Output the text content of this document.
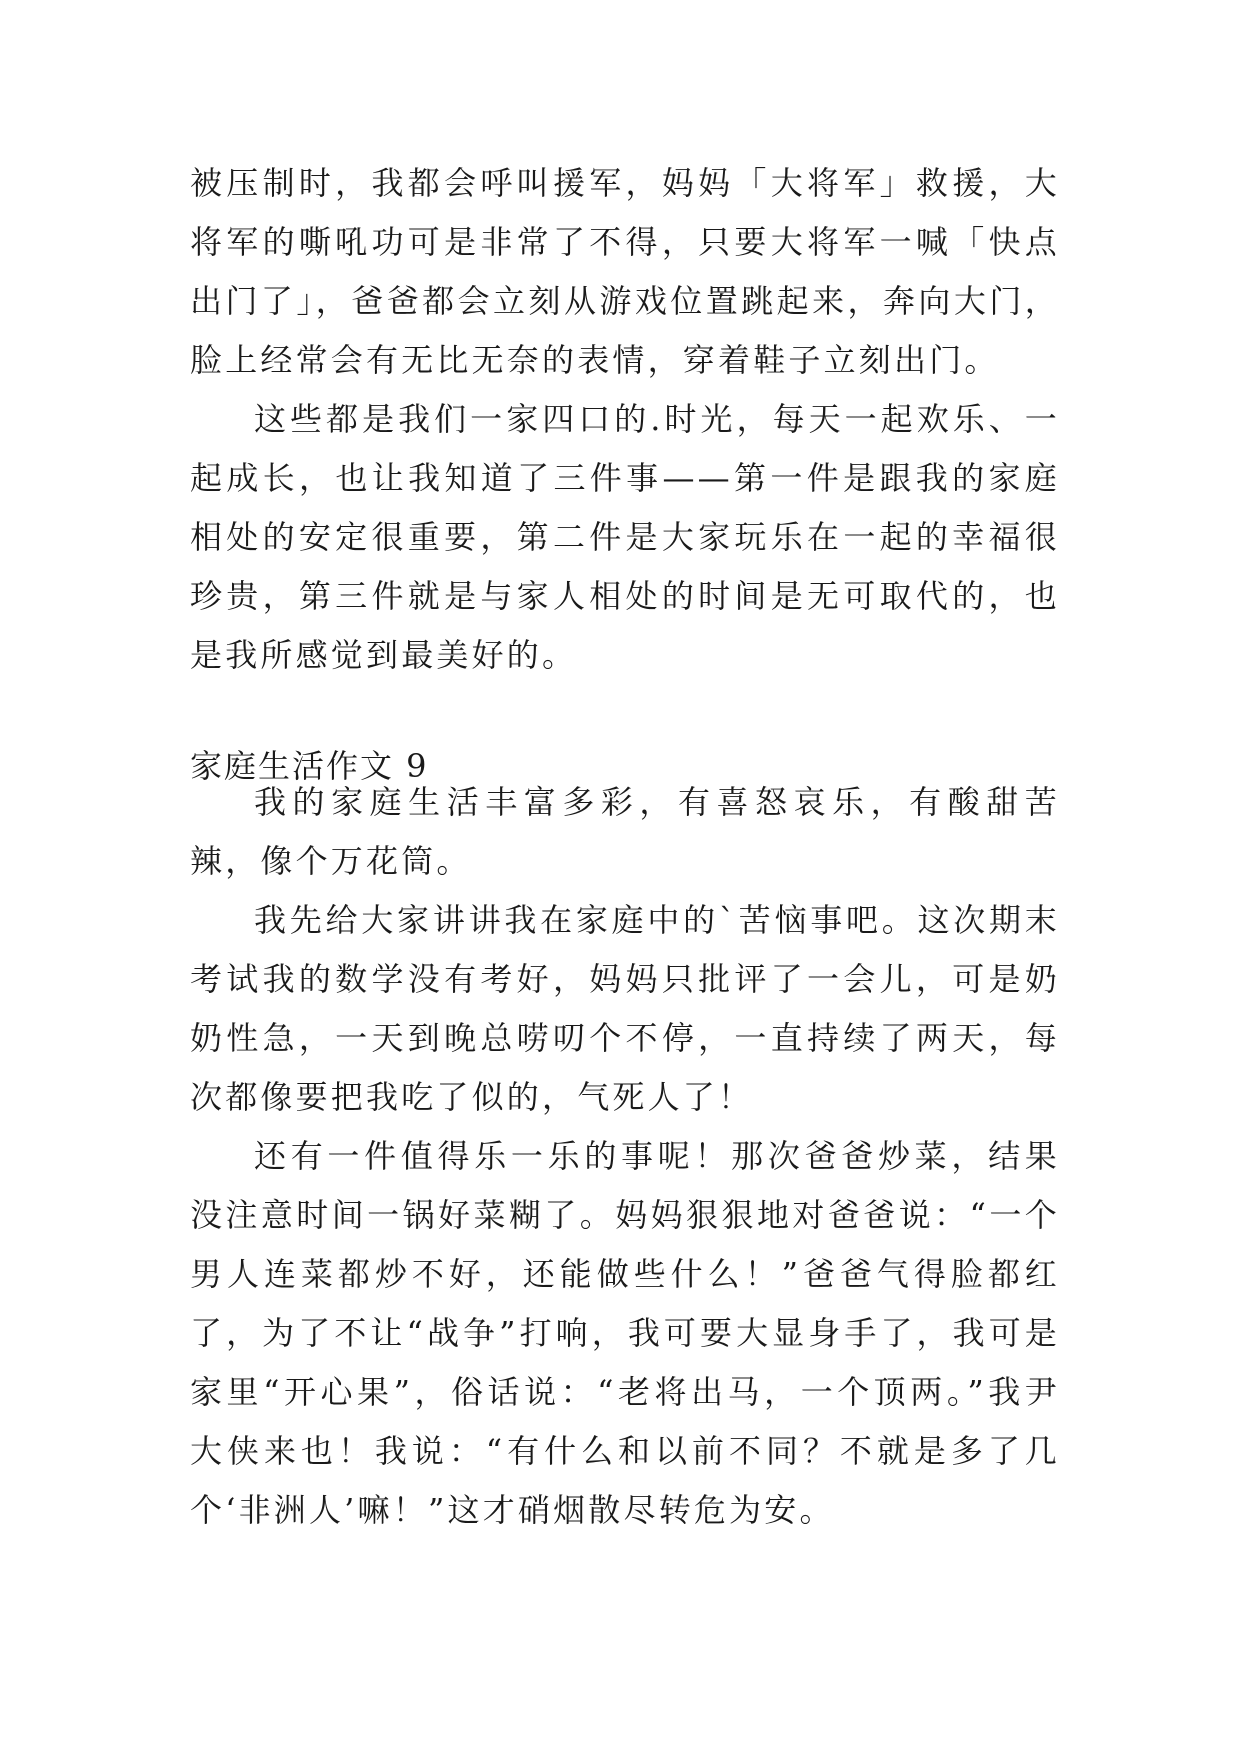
被压制时，我都会呼叫援军，妈妈「大将军」救援，大将军的嘶吼功可是非常了不得，只要大将军一喊「快点出门了」，爸爸都会立刻从游戏位置跳起来，奔向大门，脸上经常会有无比无奈的表情，穿着鞋子立刻出门。

这些都是我们一家四口的.时光，每天一起欢乐、一起成长，也让我知道了三件事——第一件是跟我的家庭相处的安定很重要，第二件是大家玩乐在一起的幸福很珍贵，第三件就是与家人相处的时间是无可取代的，也是我所感觉到最美好的。

家庭生活作文 9

我的家庭生活丰富多彩，有喜怒哀乐，有酸甜苦辣，像个万花筒。

我先给大家讲讲我在家庭中的`苦恼事吧。这次期末考试我的数学没有考好，妈妈只批评了一会儿，可是奶奶性急，一天到晚总唠叨个不停，一直持续了两天，每次都像要把我吃了似的，气死人了！

还有一件值得乐一乐的事呢！那次爸爸炒菜，结果没注意时间一锅好菜糊了。妈妈狠狠地对爸爸说：“一个男人连菜都炒不好，还能做些什么！”爸爸气得脸都红了，为了不让“战争”打响，我可要大显身手了，我可是家里“开心果”，俗话说：“老将出马，一个顶两。”我尹大侠来也！我说：“有什么和以前不同？不就是多了几个‘非洲人’嘛！”这才硝烟散尽转危为安。
